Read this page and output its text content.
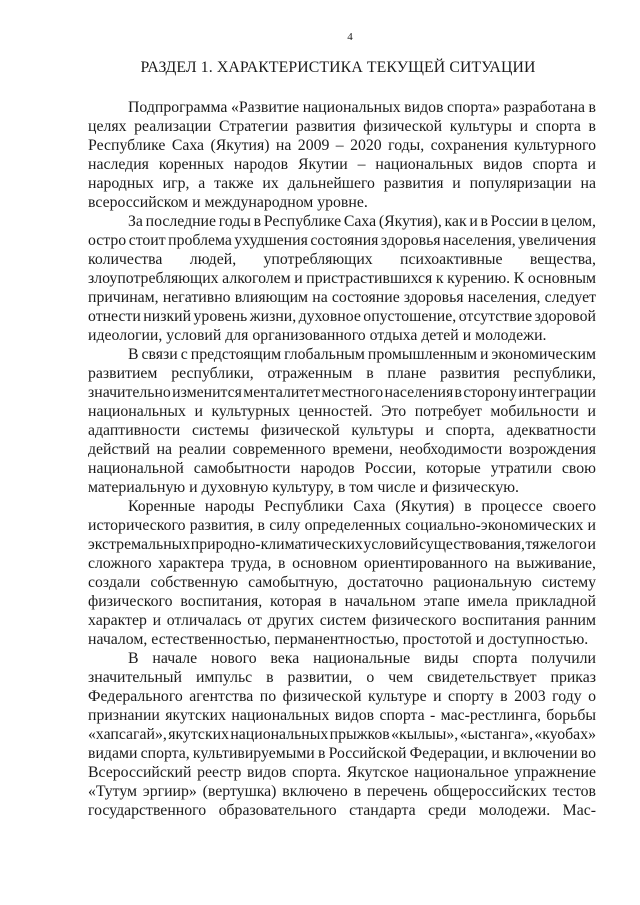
4
РАЗДЕЛ 1. ХАРАКТЕРИСТИКА ТЕКУЩЕЙ СИТУАЦИИ

Подпрограмма «Развитие национальных видов спорта» разработана в
целях реализации Стратегии развития физической культуры и спорта в
Республике Саха (Якутия) на 2009 – 2020 годы, сохранения культурного
наследия коренных народов Якутии – национальных видов спорта и
народных игр, а также их дальнейшего развития и популяризации на
всероссийском и международном уровне.

За последние годы в Республике Саха (Якутия), как и в России в целом,
остро стоит проблема ухудшения состояния здоровья населения, увеличения
количества людей, употребляющих психоактивные вещества,
злоупотребляющих алкоголем и пристрастившихся к курению. К основным
причинам, негативно влияющим на состояние здоровья населения, следует
отнести низкий уровень жизни, духовное опустошение, отсутствие здоровой
идеологии, условий для организованного отдыха детей и молодежи.

В связи с предстоящим глобальным промышленным и экономическим
развитием республики, отраженным в плане развития республики,
значительно изменится менталитет местного населения в сторону интеграции
национальных и культурных ценностей. Это потребует мобильности и
адаптивности системы физической культуры и спорта, адекватности
действий на реалии современного времени, необходимости возрождения
национальной самобытности народов России, которые утратили свою
материальную и духовную культуру, в том числе и физическую.

Коренные народы Республики Саха (Якутия) в процессе своего
исторического развития, в силу определенных социально-экономических и
экстремальных природно-климатических условий существования, тяжелого и
сложного характера труда, в основном ориентированного на выживание,
создали собственную самобытную, достаточно рациональную систему
физического воспитания, которая в начальном этапе имела прикладной
характер и отличалась от других систем физического воспитания ранним
началом, естественностью, перманентностью, простотой и доступностью.

В начале нового века национальные виды спорта получили
значительный импульс в развитии, о чем свидетельствует приказ
Федерального агентства по физической культуре и спорту в 2003 году о
признании якутских национальных видов спорта - мас-рестлинга, борьбы
«хапсагай», якутских национальных прыжков «кылыы», «ыстанга», «куобах»
видами спорта, культивируемыми в Российской Федерации, и включении во
Всероссийский реестр видов спорта. Якутское национальное упражнение
«Тутум эргиир» (вертушка) включено в перечень общероссийских тестов
государственного образовательного стандарта среди молодежи. Мас-
